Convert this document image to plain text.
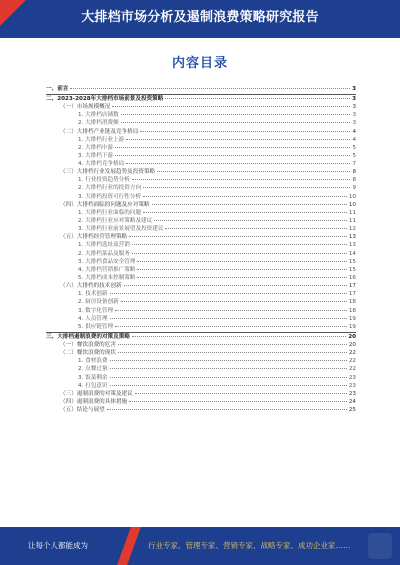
大排档市场分析及遏制浪费策略研究报告
内容目录
一、前言	3
二、2023-2028年大排档市场前景及投资策略	3
（一）市场规模概况	3
1. 大排档店铺数	3
2. 大排档消费额	3
（二）大排档产业链及竞争格局	4
1. 大排档行业上游	4
2. 大排档中游	5
3. 大排档下游	5
4. 大排档竞争格局	7
（三）大排档行业发展趋势及投资策略	8
1. 行业投资趋势分析	8
2. 大排档行业的投资方向	9
3. 大排档投资可行性分析	10
（四）大排档面临的问题及应对策略	10
1. 大排档行业面临的问题	11
2. 大排档行业应对策略及建议	11
3. 大排档行业前景展望及投资建议	12
（五）大排档经营管理策略	13
1. 大排档选址及营销	13
2. 大排档菜品及服务	14
3. 大排档食品安全管理	15
4. 大排档营销推广策略	15
5. 大排档成本控制策略	16
（六）大排档的技术创新	17
1. 技术创新	17
2. 厨房设备创新	18
3. 数字化管理	18
4. 人员管理	19
5. 供应链管理	19
三、大排档遏制浪费的对策及策略	20
（一）餐饮浪费的危害	20
（二）餐饮浪费的现状	22
1. 食材浪费	22
2. 点餐过量	22
3. 饭菜剩余	23
4. 打包意识	23
（三）遏制浪费的对策及建议	23
（四）遏制浪费的具体措施	24
（五）结论与展望	25
让每个人都能成为	行业专家、管理专家、营销专家、战略专家、成功企业家……
